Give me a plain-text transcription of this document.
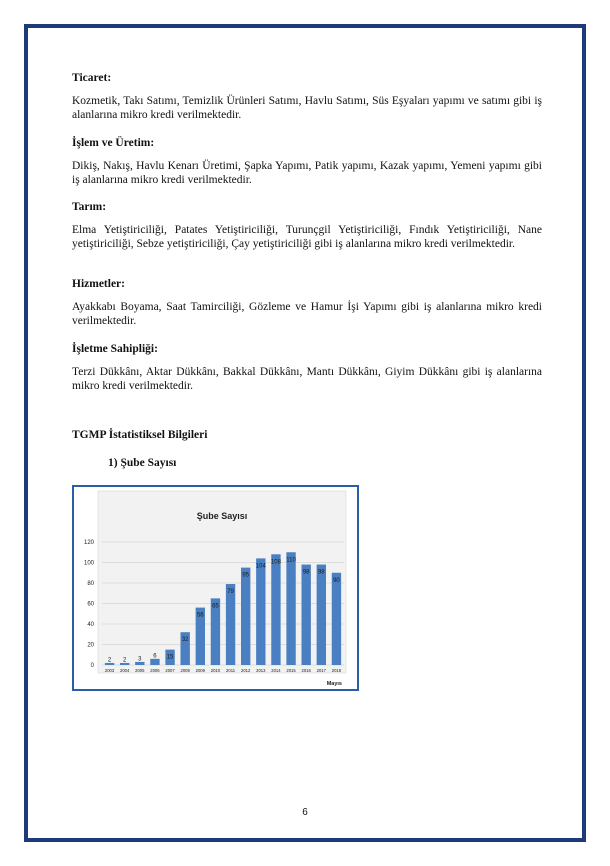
Ticaret:
Kozmetik, Takı Satımı, Temizlik Ürünleri Satımı, Havlu Satımı, Süs Eşyaları yapımı ve satımı gibi iş alanlarına mikro kredi verilmektedir.
İşlem ve Üretim:
Dikiş, Nakış, Havlu Kenarı Üretimi, Şapka Yapımı, Patik yapımı, Kazak yapımı, Yemeni yapımı gibi iş alanlarına mikro kredi verilmektedir.
Tarım:
Elma Yetiştiriciliği, Patates Yetiştiriciliği, Turunçgil Yetiştiriciliği, Fındık Yetiştiriciliği, Nane yetiştiriciliği, Sebze yetiştiriciliği, Çay yetiştiriciliği gibi iş alanlarına mikro kredi verilmektedir.
Hizmetler:
Ayakkabı Boyama, Saat Tamirciliği, Gözleme ve Hamur İşi Yapımı gibi iş alanlarına mikro kredi verilmektedir.
İşletme Sahipliği:
Terzi Dükkânı, Aktar Dükkânı, Bakkal Dükkânı, Mantı Dükkânı, Giyim Dükkânı gibi iş alanlarına mikro kredi verilmektedir.
TGMP İstatistiksel Bilgileri
1) Şube Sayısı
Şube Sayısı
0
20
40
60
80
100
120
2 2 3
6 15
32
56
65
79
95
104
108 110
98 98
90
2003 2004 2005 2006 2007 2008 2009 2010 2011 2012 2013 2014 2015 2016 2017 2018
Mayıs
6
